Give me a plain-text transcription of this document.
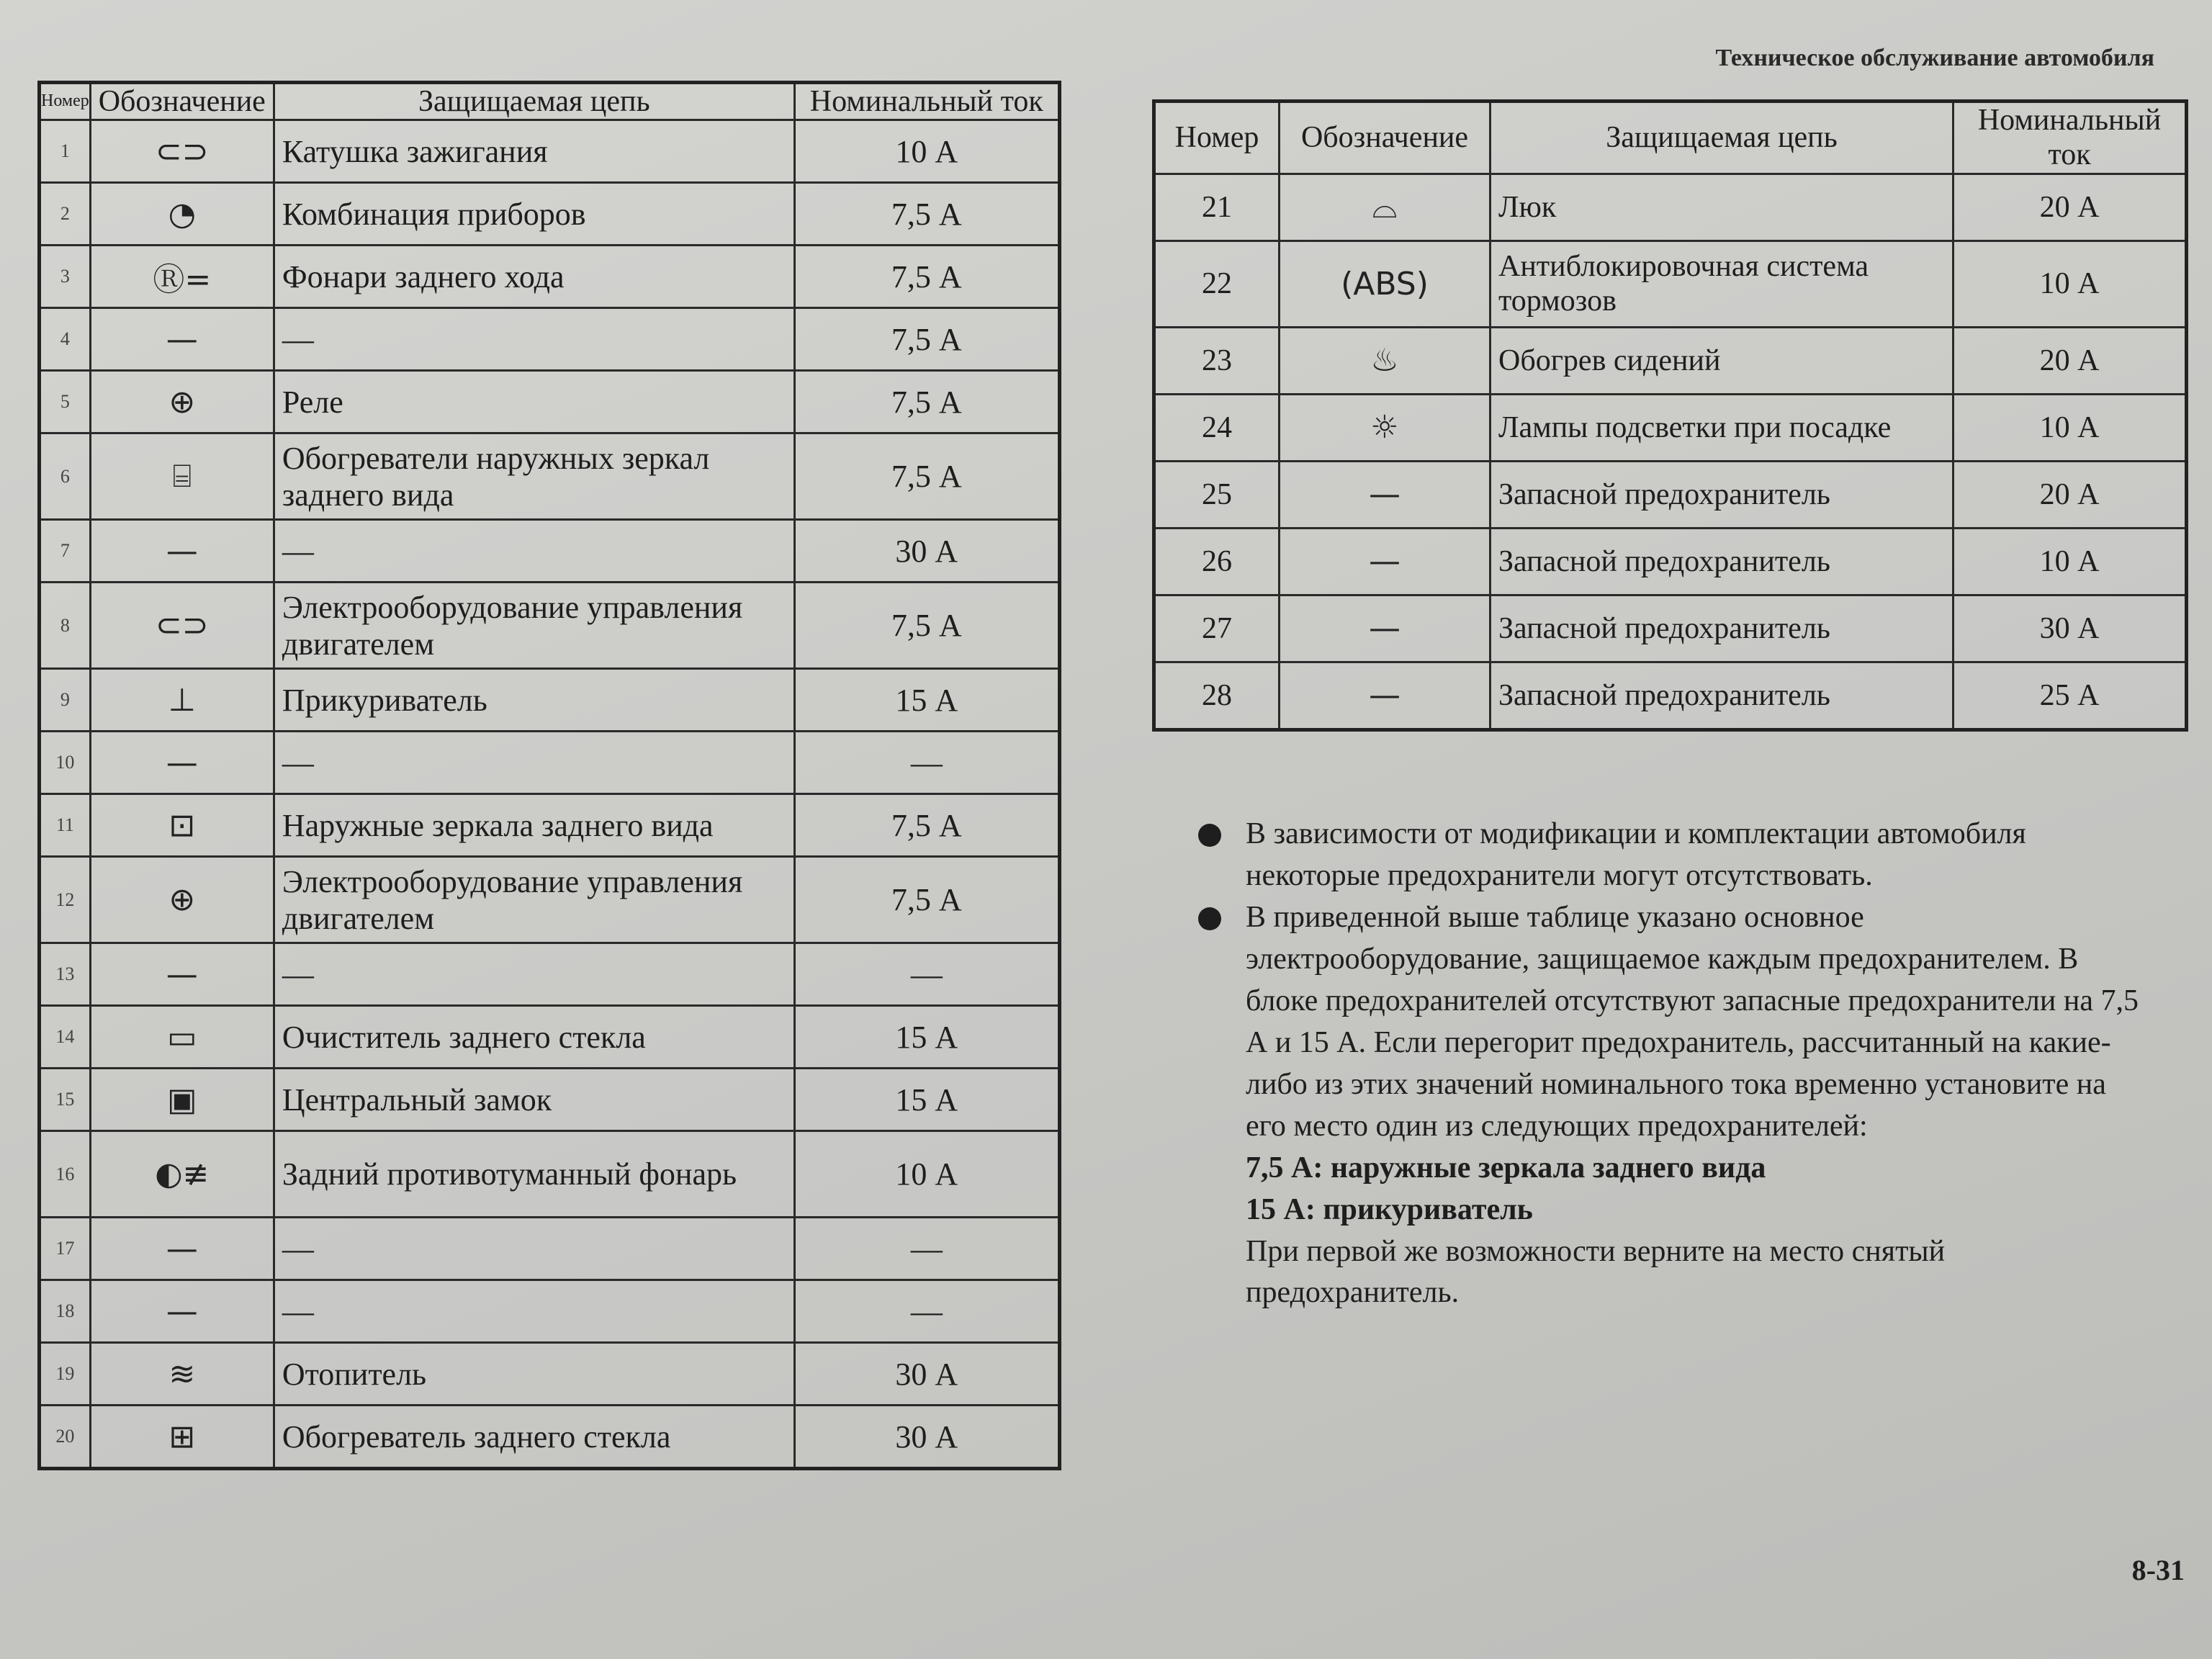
Техническое обслуживание автомобиля
Номер	Обозначение	Защищаемая цепь	Номинальный ток
1	⊂⊃	Катушка зажигания	10 А
2	◔	Комбинация приборов	7,5 А
3	Ⓡ=	Фонари заднего хода	7,5 А
4	—	—	7,5 А
5	⊕	Реле	7,5 А
6	⌸	Обогреватели наружных зеркал заднего вида	7,5 А
7	—	—	30 А
8	⊂⊃	Электрооборудование управления двигателем	7,5 А
9	⊥	Прикуриватель	15 А
10	—	—	—
11	⊡	Наружные зеркала заднего вида	7,5 А
12	⊕	Электрооборудование управления двигателем	7,5 А
13	—	—	—
14	▭	Очиститель заднего стекла	15 А
15	▣	Центральный замок	15 А
16	◐≢	Задний противотуманный фонарь	10 А
17	—	—	—
18	—	—	—
19	≋	Отопитель	30 А
20	⊞	Обогреватель заднего стекла	30 А
Номер	Обозначение	Защищаемая цепь	Номинальный ток
21	⌓	Люк	20 А
22	(ABS)	Антиблокировочная система тормозов	10 А
23	♨	Обогрев сидений	20 А
24	☼	Лампы подсветки при посадке	10 А
25	—	Запасной предохранитель	20 А
26	—	Запасной предохранитель	10 А
27	—	Запасной предохранитель	30 А
28	—	Запасной предохранитель	25 А
В зависимости от модификации и комплектации автомобиля некоторые предохранители могут отсутствовать.
В приведенной выше таблице указано основное электрооборудование, защищаемое каждым предохранителем. В блоке предохранителей отсутствуют запасные предохранители на 7,5 А и 15 А. Если перегорит предохранитель, рассчитанный на какие-либо из этих значений номинального тока временно установите на его место один из следующих предохранителей:
7,5 А: наружные зеркала заднего вида
15 А: прикуриватель
При первой же возможности верните на место снятый предохранитель.
8-31
